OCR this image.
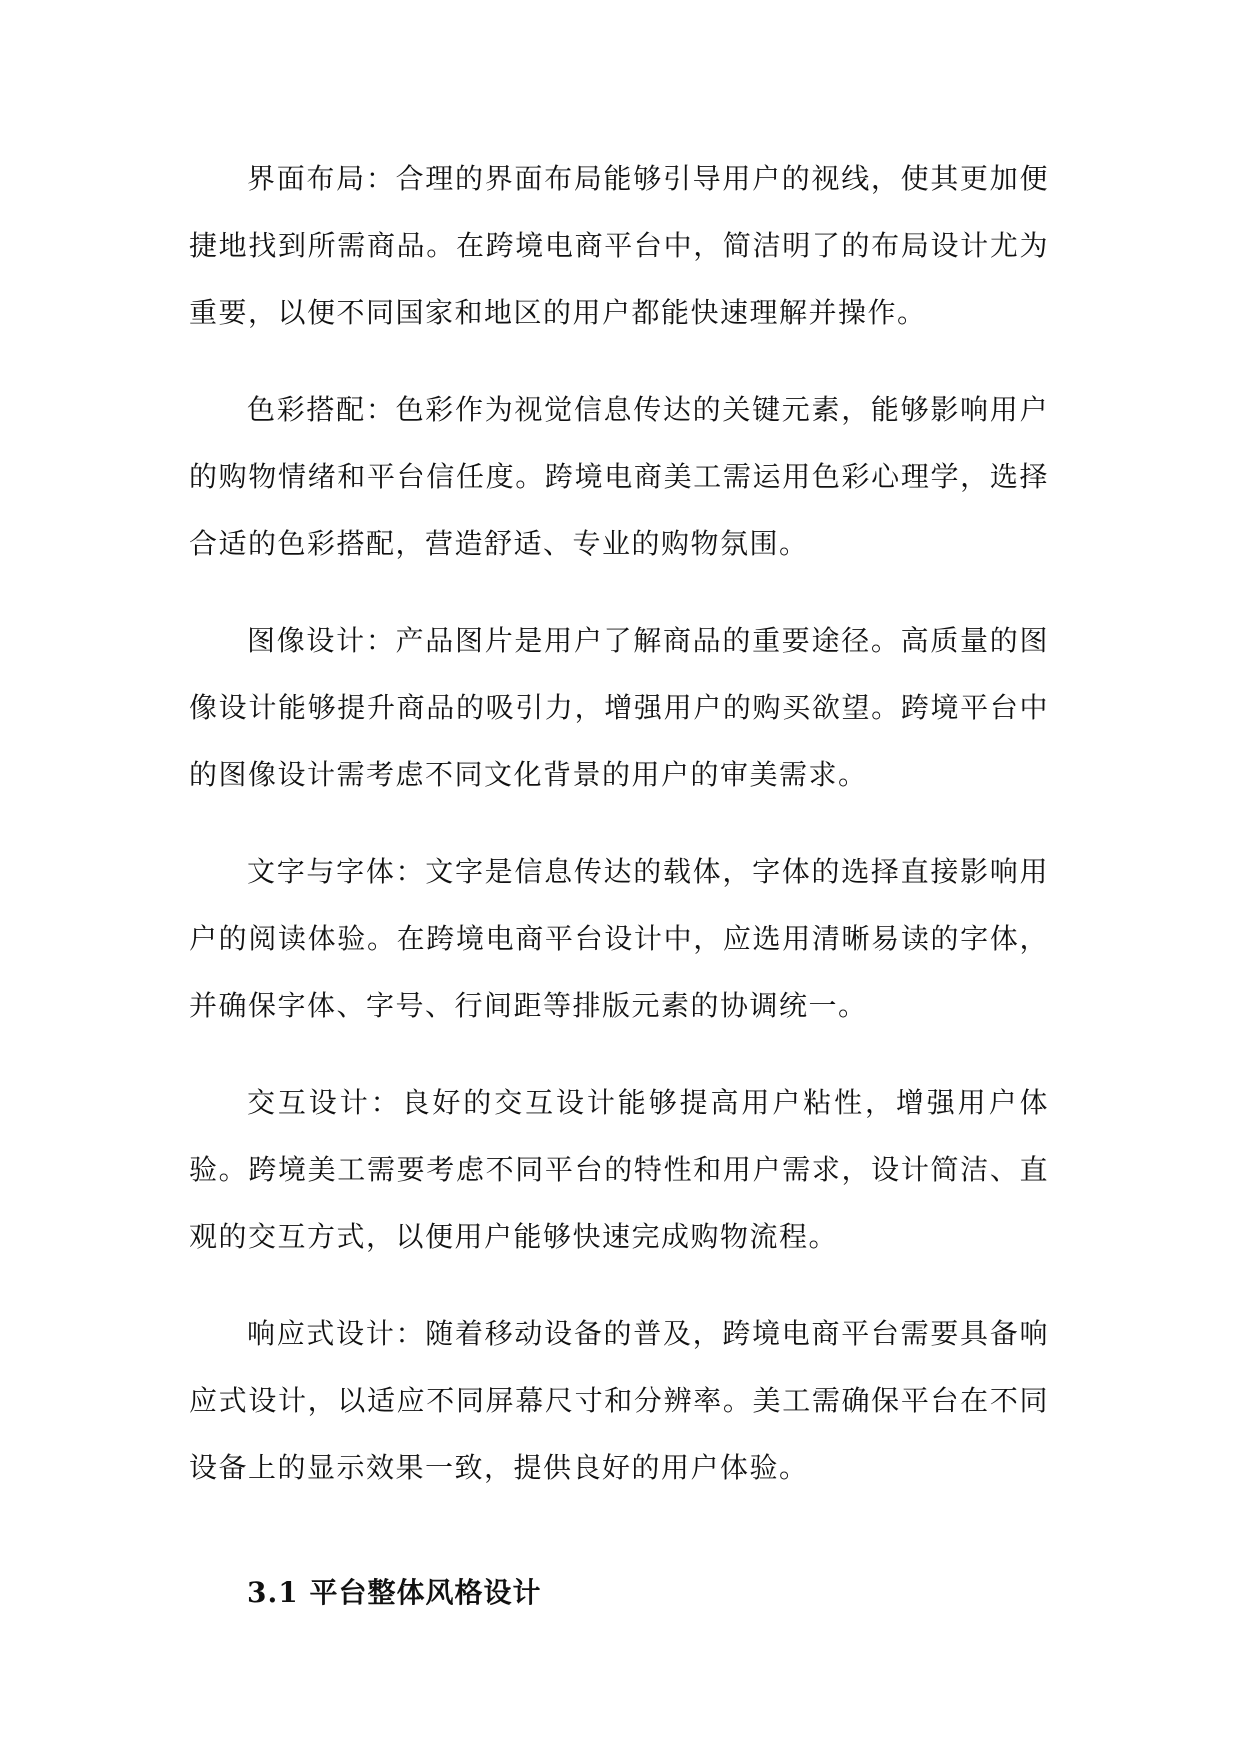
界面布局：合理的界面布局能够引导用户的视线，使其更加便捷地找到所需商品。在跨境电商平台中，简洁明了的布局设计尤为重要，以便不同国家和地区的用户都能快速理解并操作。

色彩搭配：色彩作为视觉信息传达的关键元素，能够影响用户的购物情绪和平台信任度。跨境电商美工需运用色彩心理学，选择合适的色彩搭配，营造舒适、专业的购物氛围。

图像设计：产品图片是用户了解商品的重要途径。高质量的图像设计能够提升商品的吸引力，增强用户的购买欲望。跨境平台中的图像设计需考虑不同文化背景的用户的审美需求。

文字与字体：文字是信息传达的载体，字体的选择直接影响用户的阅读体验。在跨境电商平台设计中，应选用清晰易读的字体，并确保字体、字号、行间距等排版元素的协调统一。

交互设计：良好的交互设计能够提高用户粘性，增强用户体验。跨境美工需要考虑不同平台的特性和用户需求，设计简洁、直观的交互方式，以便用户能够快速完成购物流程。

响应式设计：随着移动设备的普及，跨境电商平台需要具备响应式设计，以适应不同屏幕尺寸和分辨率。美工需确保平台在不同设备上的显示效果一致，提供良好的用户体验。

3.1 平台整体风格设计
